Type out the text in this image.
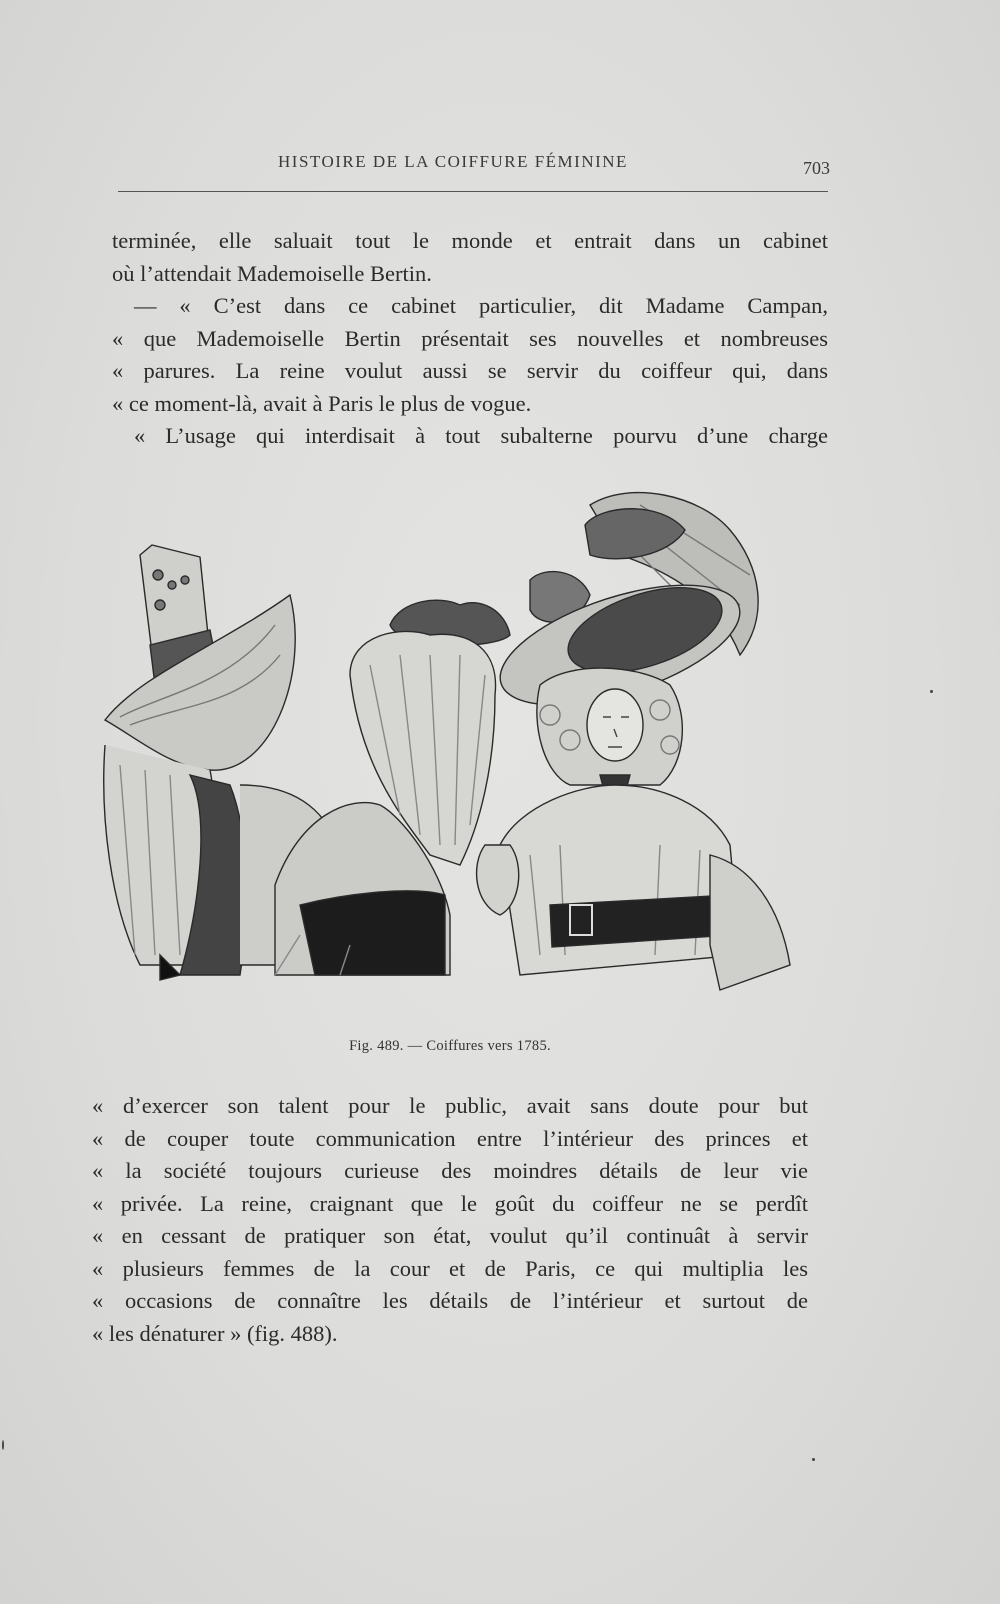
HISTOIRE DE LA COIFFURE FÉMININE	703
terminée, elle saluait tout le monde et entrait dans un cabinet
où l’attendait Mademoiselle Bertin.
— « C’est dans ce cabinet particulier, dit Madame Campan,
« que Mademoiselle Bertin présentait ses nouvelles et nombreuses
« parures. La reine voulut aussi se servir du coiffeur qui, dans
« ce moment-là, avait à Paris le plus de vogue.
« L’usage qui interdisait à tout subalterne pourvu d’une charge
Fig. 489. — Coiffures vers 1785.
« d’exercer son talent pour le public, avait sans doute pour but
« de couper toute communication entre l’intérieur des princes et
« la société toujours curieuse des moindres détails de leur vie
« privée. La reine, craignant que le goût du coiffeur ne se perdît
« en cessant de pratiquer son état, voulut qu’il continuât à servir
« plusieurs femmes de la cour et de Paris, ce qui multiplia les
« occasions de connaître les détails de l’intérieur et surtout de
« les dénaturer » (fig. 488).
